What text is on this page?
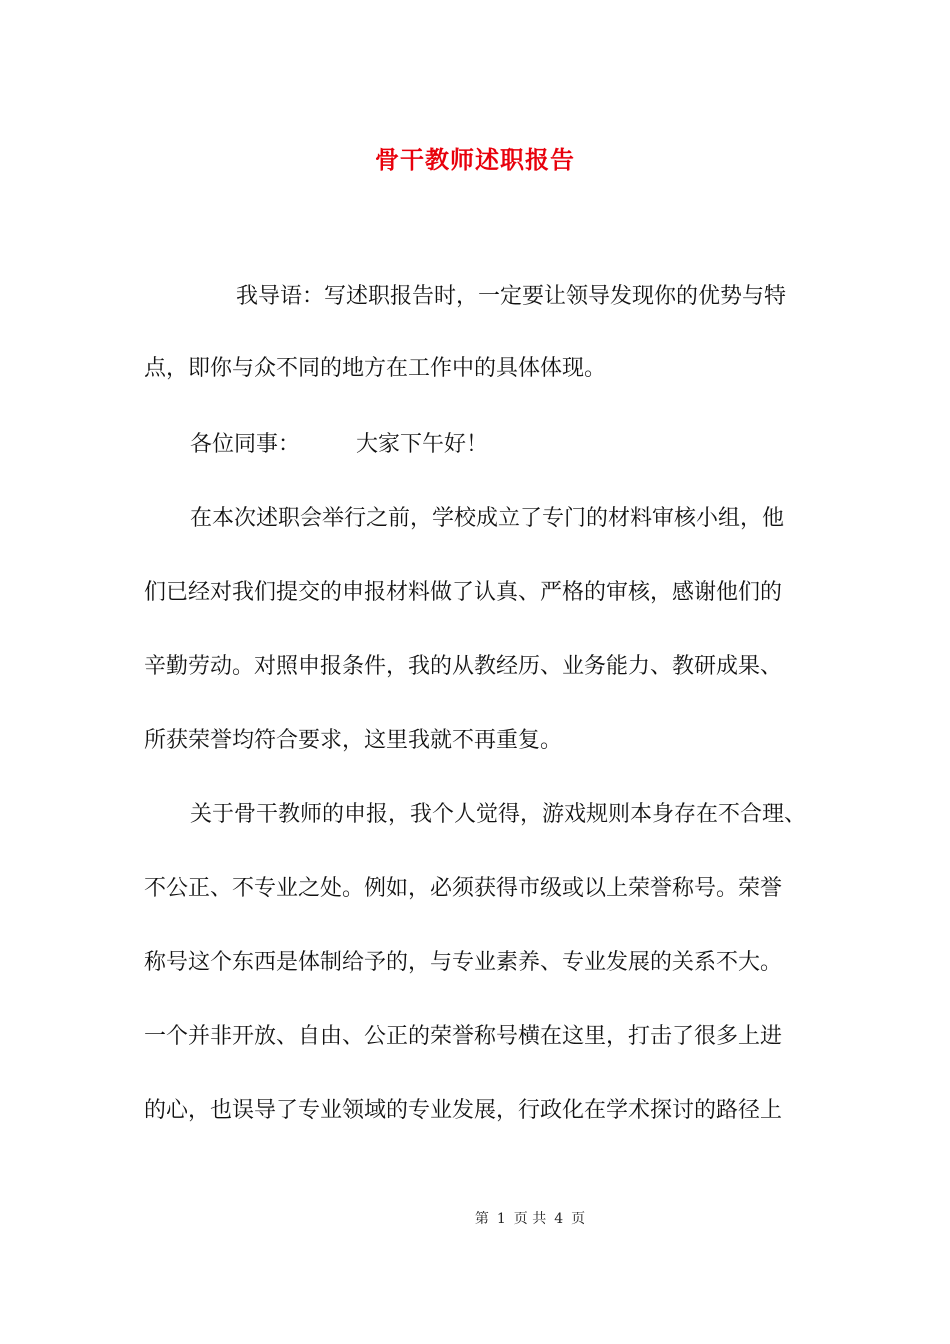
骨干教师述职报告
我导语：写述职报告时，一定要让领导发现你的优势与特
点，即你与众不同的地方在工作中的具体体现。
各位同事：	大家下午好！
在本次述职会举行之前，学校成立了专门的材料审核小组，他
们已经对我们提交的申报材料做了认真、严格的审核，感谢他们的
辛勤劳动。对照申报条件，我的从教经历、业务能力、教研成果、
所获荣誉均符合要求，这里我就不再重复。
关于骨干教师的申报，我个人觉得，游戏规则本身存在不合理、
不公正、不专业之处。例如，必须获得市级或以上荣誉称号。荣誉
称号这个东西是体制给予的，与专业素养、专业发展的关系不大。
一个并非开放、自由、公正的荣誉称号横在这里，打击了很多上进
的心，也误导了专业领域的专业发展，行政化在学术探讨的路径上
第 1 页 共 4 页
